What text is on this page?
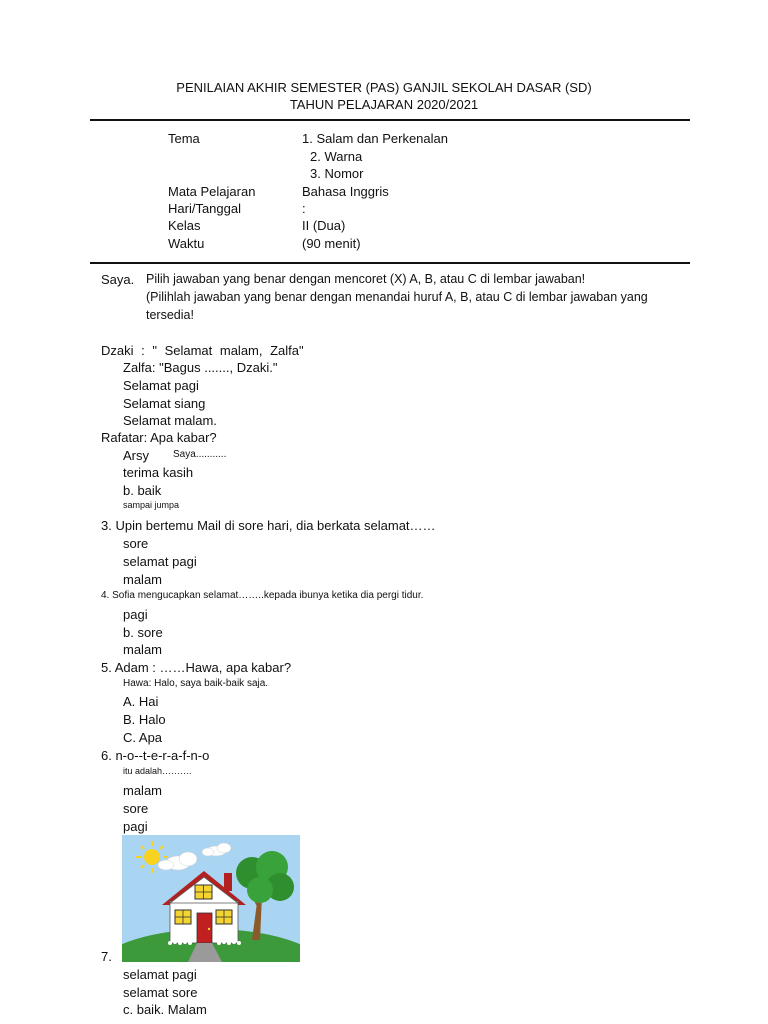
PENILAIAN AKHIR SEMESTER (PAS) GANJIL SEKOLAH DASAR (SD)
TAHUN PELAJARAN 2020/2021
Tema	1. Salam dan Perkenalan
2. Warna
3. Nomor
Mata Pelajaran	Bahasa Inggris
Hari/Tanggal	:
Kelas	II (Dua)
Waktu	(90 menit)
Saya. Pilih jawaban yang benar dengan mencoret (X) A, B, atau C di lembar jawaban!
(Pilihlah jawaban yang benar dengan menandai huruf A, B, atau C di lembar jawaban yang
tersedia!
Dzaki : " Selamat malam, Zalfa"
Zalfa: "Bagus ......., Dzaki."
Selamat pagi
Selamat siang
Selamat malam.
Rafatar: Apa kabar?
Arsy Saya...........
terima kasih
b. baik
sampai jumpa
3. Upin bertemu Mail di sore hari, dia berkata selamat……
sore
selamat pagi
malam
4. Sofia mengucapkan selamat……..kepada ibunya ketika dia pergi tidur.
pagi
b. sore
malam
5. Adam : ……Hawa, apa kabar?
Hawa: Halo, saya baik-baik saja.
A. Hai
B. Halo
C. Apa
6. n-o--t-e-r-a-f-n-o
itu adalah……….
malam
sore
pagi
7.
selamat pagi
selamat sore
c. baik. Malam
